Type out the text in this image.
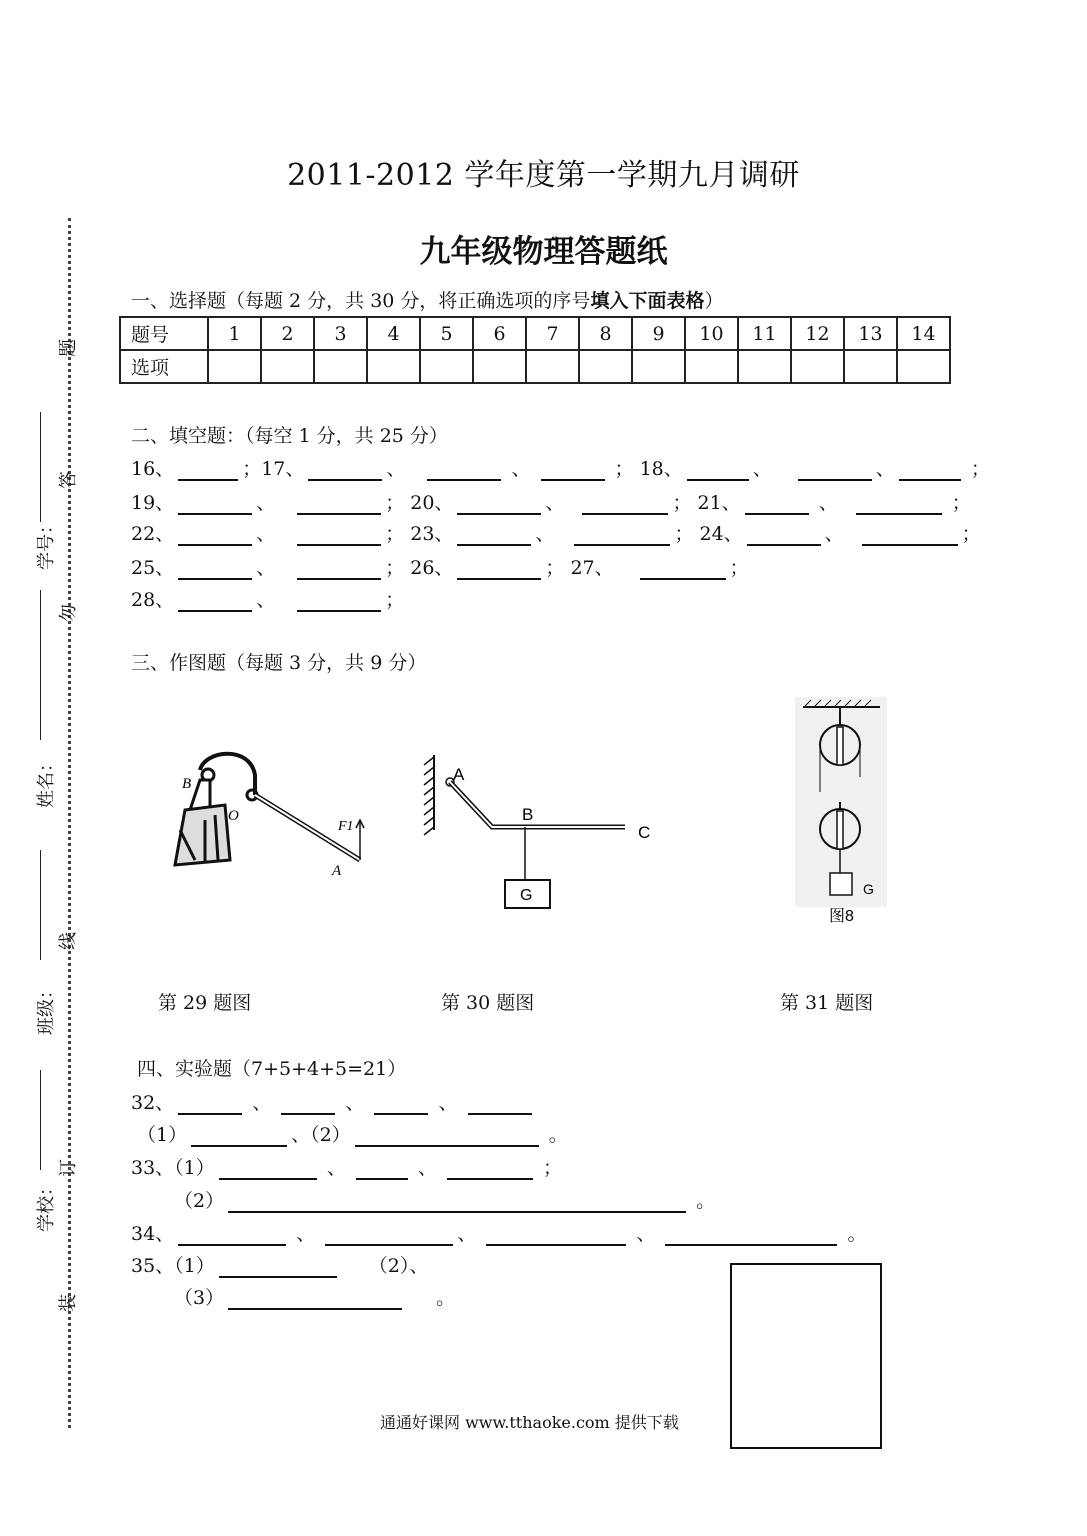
题
答
勿
线
订
装
学号：
姓名：
班级：
学校：
2011-2012 学年度第一学期九月调研
九年级物理答题纸
一、选择题（每题 2 分，共 30 分，将正确选项的序号填入下面表格）
题号	1	2	3	4	5	6	7	8	9	10	11	12	13	14
选项														
二、填空题：（每空 1 分，共 25 分）
16、	；17、	、	、	； 18、	、	、	；
19、	、	； 20、	、	； 21、	、	；
22、	、	； 23、	、	； 24、	、	；
25、	、	； 26、	； 27、	；
28、	、	；
三、作图题（每题 3 分，共 9 分）
B
O
F1
A
A
B
C
G	G
图8
第 29 题图	第 30 题图	第 31 题图
四、实验题（7+5+4+5=21）
32、	、	、	、
（1）	、（2）	。
33、（1）	、	、	；
（2）	。
34、	、	、	、	。
35、（1）	（2）、
（3）	。
通通好课网 www.tthaoke.com 提供下载
